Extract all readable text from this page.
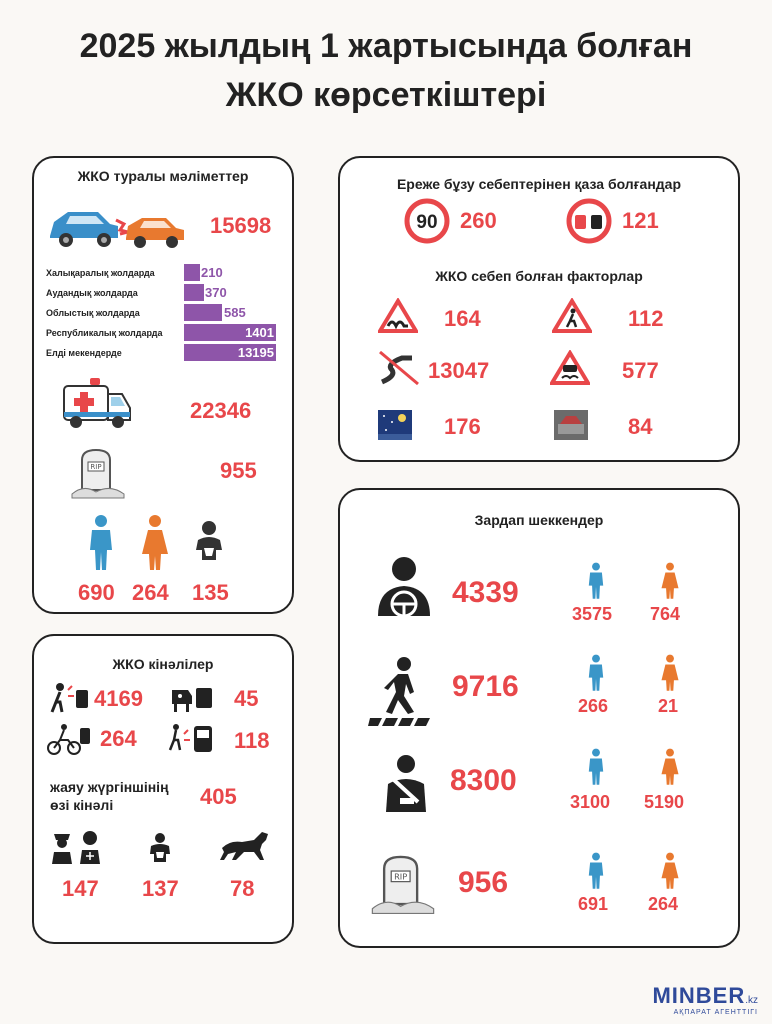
2025 жылдың 1 жартысында болған
ЖКО көрсеткіштері
ЖКО туралы мәліметтер
15698
Халықаралық жолдарда	210
Аудандық жолдарда	370
Облыстық жолдарда	585
Республикалық жолдарда	1401
Елді мекендерде	13195
22346
RIP	955
690 264 135
Ереже бұзу себептерінен қаза болғандар
90 260	121
ЖКО себеп болған факторлар
164	112
13047	577
176	84
ЖКО кінәлілер
4169	45
264	118
жаяу жүргіншінің
өзі кінәлі	405
147 137 78
Зардап шеккендер
4339
3575 764
9716
266	21
8300
3100 5190
RIP 956
691 264
MINBER.kz
АҚПАРАТ АГЕНТТІГІ
